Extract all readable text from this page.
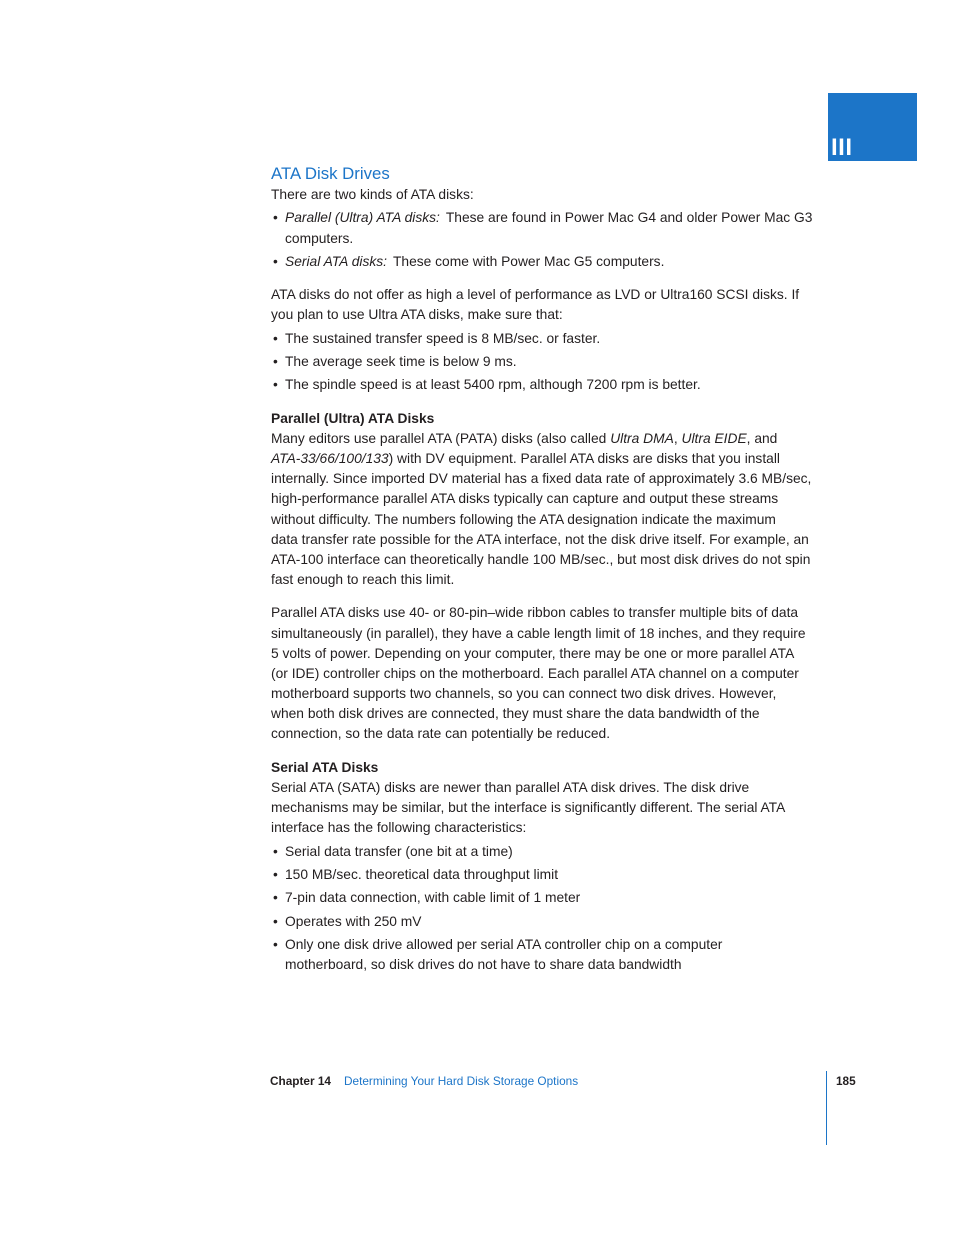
III
ATA Disk Drives
There are two kinds of ATA disks:
• Parallel (Ultra) ATA disks: These are found in Power Mac G4 and older Power Mac G3
computers.
• Serial ATA disks: These come with Power Mac G5 computers.
ATA disks do not offer as high a level of performance as LVD or Ultra160 SCSI disks. If
you plan to use Ultra ATA disks, make sure that:
• The sustained transfer speed is 8 MB/sec. or faster.
• The average seek time is below 9 ms.
• The spindle speed is at least 5400 rpm, although 7200 rpm is better.
Parallel (Ultra) ATA Disks
Many editors use parallel ATA (PATA) disks (also called Ultra DMA, Ultra EIDE, and
ATA-33/66/100/133) with DV equipment. Parallel ATA disks are disks that you install
internally. Since imported DV material has a fixed data rate of approximately 3.6 MB/sec,
high-performance parallel ATA disks typically can capture and output these streams
without difficulty. The numbers following the ATA designation indicate the maximum
data transfer rate possible for the ATA interface, not the disk drive itself. For example, an
ATA-100 interface can theoretically handle 100 MB/sec., but most disk drives do not spin
fast enough to reach this limit.
Parallel ATA disks use 40- or 80-pin–wide ribbon cables to transfer multiple bits of data
simultaneously (in parallel), they have a cable length limit of 18 inches, and they require
5 volts of power. Depending on your computer, there may be one or more parallel ATA
(or IDE) controller chips on the motherboard. Each parallel ATA channel on a computer
motherboard supports two channels, so you can connect two disk drives. However,
when both disk drives are connected, they must share the data bandwidth of the
connection, so the data rate can potentially be reduced.
Serial ATA Disks
Serial ATA (SATA) disks are newer than parallel ATA disk drives. The disk drive
mechanisms may be similar, but the interface is significantly different. The serial ATA
interface has the following characteristics:
• Serial data transfer (one bit at a time)
• 150 MB/sec. theoretical data throughput limit
• 7-pin data connection, with cable limit of 1 meter
• Operates with 250 mV
• Only one disk drive allowed per serial ATA controller chip on a computer
motherboard, so disk drives do not have to share data bandwidth
Chapter 14 Determining Your Hard Disk Storage Options	185
